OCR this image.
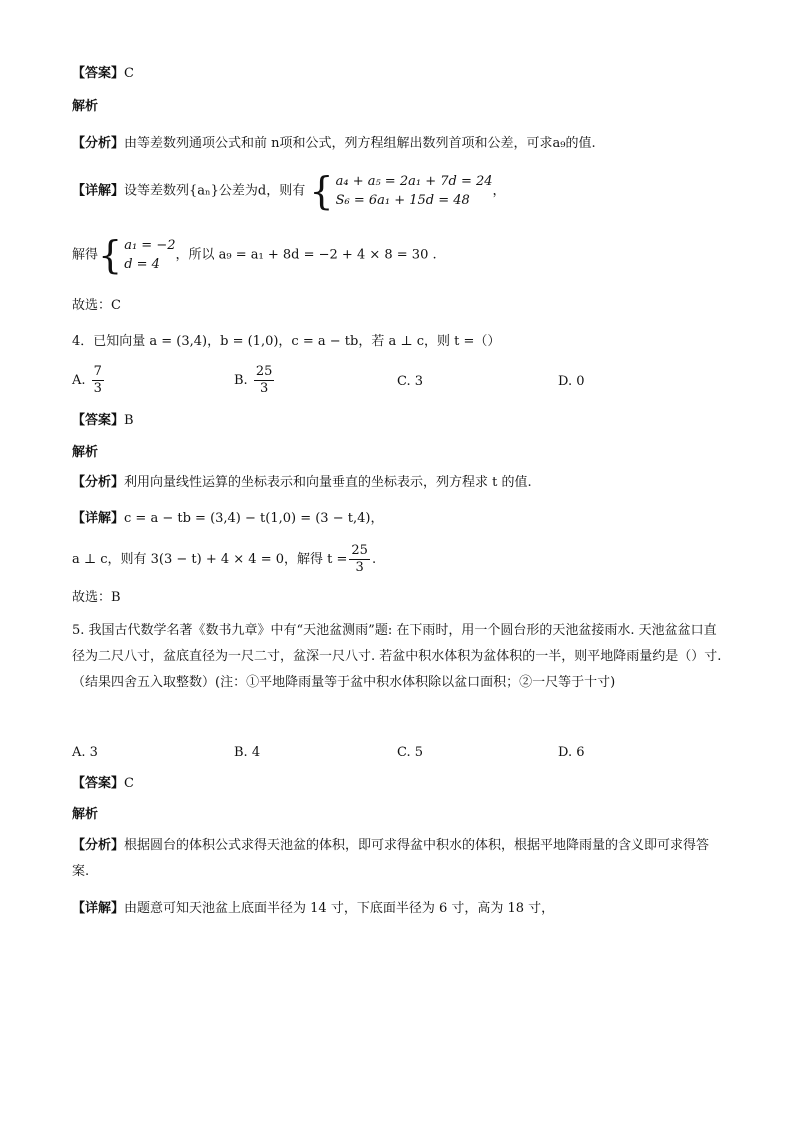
【答案】C
解析
【分析】由等差数列通项公式和前 n项和公式，列方程组解出数列首项和公差，可求a₉的值.
【详解】设等差数列{aₙ}公差为d，则有 { a₄ + a₅ = 2a₁ + 7d = 24
S₆ = 6a₁ + 15d = 48，
解得{ a₁ = −2
d = 4，所以 a₉ = a₁ + 8d = −2 + 4 × 8 = 30 .
故选：C
4．已知向量 a = (3,4)，b = (1,0)，c = a − tb，若 a ⊥ c，则 t =（）
A. $\frac{7}{3}$	B. $\frac{25}{3}$	C. 3	D. 0
【答案】B
解析
【分析】利用向量线性运算的坐标表示和向量垂直的坐标表示，列方程求 t 的值.
【详解】c = a − tb = (3,4) − t(1,0) = (3 − t,4)，
a ⊥ c，则有 3(3 − t) + 4 × 4 = 0，解得 $t = \frac{25}{3}$ .
故选：B
5. 我国古代数学名著《数书九章》中有“天池盆测雨”题: 在下雨时，用一个圆台形的天池盆接雨水. 天池盆盆口直径为二尺八寸，盆底直径为一尺二寸，盆深一尺八寸. 若盆中积水体积为盆体积的一半，则平地降雨量约是（）寸.（结果四舍五入取整数）(注：①平地降雨量等于盆中积水体积除以盆口面积；②一尺等于十寸)
A. 3	B. 4	C. 5	D. 6
【答案】C
解析
【分析】根据圆台的体积公式求得天池盆的体积，即可求得盆中积水的体积，根据平地降雨量的含义即可求得答案.
【详解】由题意可知天池盆上底面半径为 14 寸，下底面半径为 6 寸，高为 18 寸，
